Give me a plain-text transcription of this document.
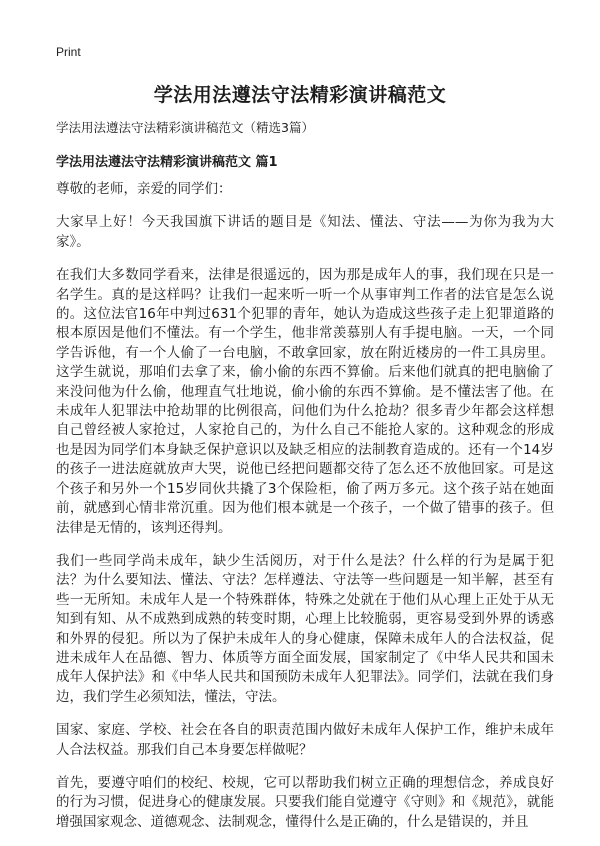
Print
学法用法遵法守法精彩演讲稿范文
学法用法遵法守法精彩演讲稿范文（精选3篇）
学法用法遵法守法精彩演讲稿范文 篇1

尊敬的老师，亲爱的同学们：

大家早上好！今天我国旗下讲话的题目是《知法、懂法、守法——为你为我为大家》。

在我们大多数同学看来，法律是很遥远的，因为那是成年人的事，我们现在只是一名学生。真的是这样吗？让我们一起来听一听一个从事审判工作者的法官是怎么说的。这位法官16年中判过631个犯罪的青年，她认为造成这些孩子走上犯罪道路的根本原因是他们不懂法。有一个学生，他非常羡慕别人有手提电脑。一天，一个同学告诉他，有一个人偷了一台电脑，不敢拿回家，放在附近楼房的一件工具房里。这学生就说，那咱们去拿了来，偷小偷的东西不算偷。后来他们就真的把电脑偷了来没问他为什么偷，他理直气壮地说，偷小偷的东西不算偷。是不懂法害了他。在未成年人犯罪法中抢劫罪的比例很高，问他们为什么抢劫？很多青少年都会这样想自己曾经被人家抢过，人家抢自己的，为什么自己不能抢人家的。这种观念的形成也是因为同学们本身缺乏保护意识以及缺乏相应的法制教育造成的。还有一个14岁的孩子一进法庭就放声大哭，说他已经把问题都交待了怎么还不放他回家。可是这个孩子和另外一个15岁同伙共撬了3个保险柜，偷了两万多元。这个孩子站在她面前，就感到心情非常沉重。因为他们根本就是一个孩子，一个做了错事的孩子。但法律是无情的，该判还得判。

我们一些同学尚未成年，缺少生活阅历，对于什么是法？什么样的行为是属于犯法？为什么要知法、懂法、守法？怎样遵法、守法等一些问题是一知半解，甚至有些一无所知。未成年人是一个特殊群体，特殊之处就在于他们从心理上正处于从无知到有知、从不成熟到成熟的转变时期，心理上比较脆弱，更容易受到外界的诱惑和外界的侵犯。所以为了保护未成年人的身心健康，保障未成年人的合法权益，促进未成年人在品德、智力、体质等方面全面发展，国家制定了《中华人民共和国未成年人保护法》和《中华人民共和国预防未成年人犯罪法》。同学们，法就在我们身边，我们学生必须知法，懂法，守法。

国家、家庭、学校、社会在各自的职责范围内做好未成年人保护工作，维护未成年人合法权益。那我们自己本身要怎样做呢？

首先，要遵守咱们的校纪、校规，它可以帮助我们树立正确的理想信念，养成良好的行为习惯，促进身心的健康发展。只要我们能自觉遵守《守则》和《规范》，就能增强国家观念、道德观念、法制观念，懂得什么是正确的，什么是错误的，并且
